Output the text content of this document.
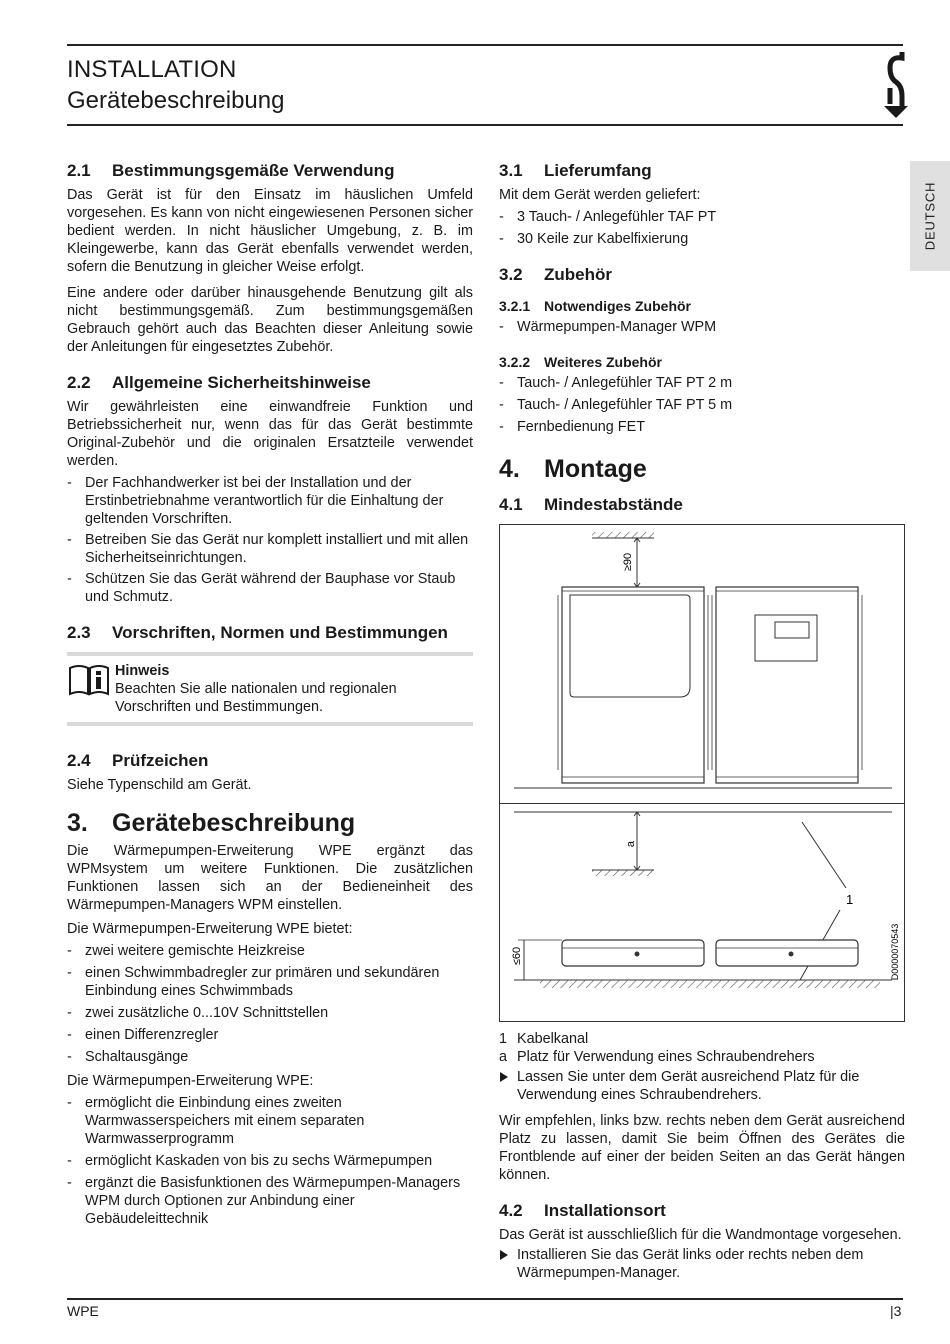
INSTALLATION
Gerätebeschreibung
DEUTSCH
2.1	Bestimmungsgemäße Verwendung

Das Gerät ist für den Einsatz im häuslichen Umfeld vorgesehen. Es kann von nicht eingewiesenen Personen sicher bedient werden. In nicht häuslicher Umgebung, z. B. im Kleingewerbe, kann das Gerät ebenfalls verwendet werden, sofern die Benutzung in gleicher Weise erfolgt.

Eine andere oder darüber hinausgehende Benutzung gilt als nicht bestimmungsgemäß. Zum bestimmungsgemäßen Gebrauch gehört auch das Beachten dieser Anleitung sowie der Anleitungen für eingesetztes Zubehör.

2.2	Allgemeine Sicherheitshinweise

Wir gewährleisten eine einwandfreie Funktion und Betriebssicherheit nur, wenn das für das Gerät bestimmte Original-Zubehör und die originalen Ersatzteile verwendet werden.

- Der Fachhandwerker ist bei der Installation und der Erstinbetriebnahme verantwortlich für die Einhaltung der geltenden Vorschriften.
- Betreiben Sie das Gerät nur komplett installiert und mit allen Sicherheitseinrichtungen.
- Schützen Sie das Gerät während der Bauphase vor Staub und Schmutz.
2.3	Vorschriften, Normen und Bestimmungen
Hinweis
Beachten Sie alle nationalen und regionalen Vorschriften und Bestimmungen.
2.4	Prüfzeichen

Siehe Typenschild am Gerät.

3. Gerätebeschreibung

Die Wärmepumpen-Erweiterung WPE ergänzt das WPMsystem um weitere Funktionen. Die zusätzlichen Funktionen lassen sich an der Bedieneinheit des Wärmepumpen-Managers WPM einstellen.

Die Wärmepumpen-Erweiterung WPE bietet:

- zwei weitere gemischte Heizkreise
- einen Schwimmbadregler zur primären und sekundären Einbindung eines Schwimmbads
- zwei zusätzliche 0...10V Schnittstellen
- einen Differenzregler
- Schaltausgänge

Die Wärmepumpen-Erweiterung WPE:

- ermöglicht die Einbindung eines zweiten Warmwasserspeichers mit einem separaten Warmwasserprogramm
- ermöglicht Kaskaden von bis zu sechs Wärmepumpen
- ergänzt die Basisfunktionen des Wärmepumpen-Managers WPM durch Optionen zur Anbindung einer Gebäudeleittechnik
3.1	Lieferumfang

Mit dem Gerät werden geliefert:

- 3 Tauch- / Anlegefühler TAF PT
- 30 Keile zur Kabelfixierung
3.2	Zubehör
3.2.1 Notwendiges Zubehör
- Wärmepumpen-Manager WPM
3.2.2 Weiteres Zubehör
- Tauch- / Anlegefühler TAF PT 2 m
- Tauch- / Anlegefühler TAF PT 5 m
- Fernbedienung FET
4. Montage
4.1	Mindestabstände
≥90
a
1
≤60	D0000070543
1 Kabelkanal
a Platz für Verwendung eines Schraubendrehers
Lassen Sie unter dem Gerät ausreichend Platz für die Verwendung eines Schraubendrehers.

Wir empfehlen, links bzw. rechts neben dem Gerät ausreichend Platz zu lassen, damit Sie beim Öffnen des Gerätes die Frontblende auf einer der beiden Seiten an das Gerät hängen können.

4.2	Installationsort

Das Gerät ist ausschließlich für die Wandmontage vorgesehen.

Installieren Sie das Gerät links oder rechts neben dem Wärmepumpen-Manager.
WPE	|3
